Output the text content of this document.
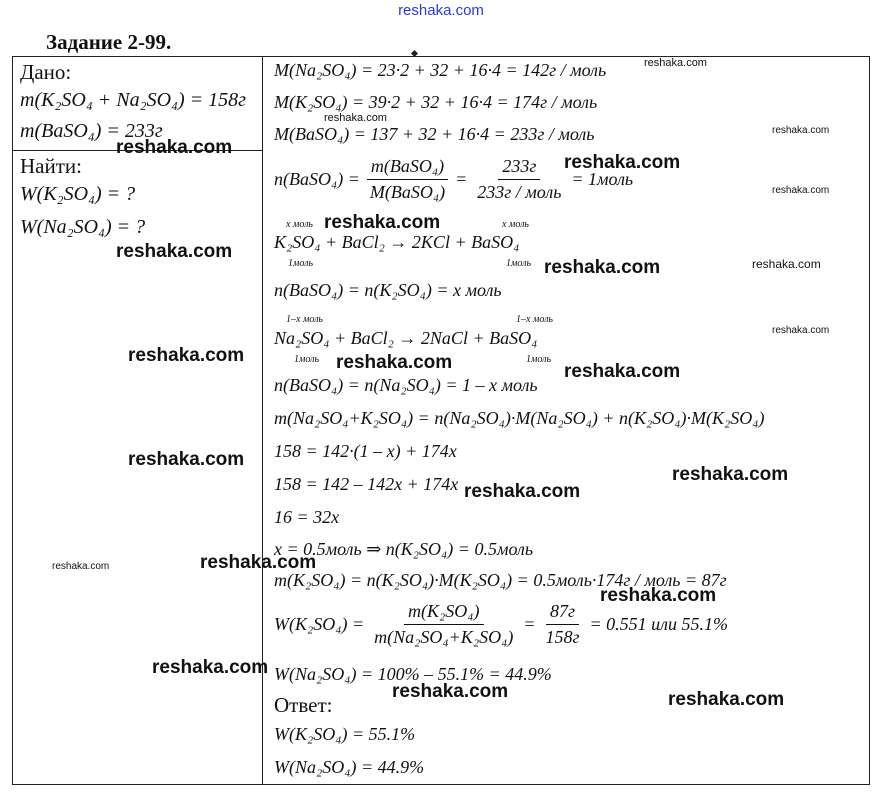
reshaka.com
Задание 2-99.
Дано:
m(K₂SO₄ + Na₂SO₄) = 158г
m(BaSO₄) = 233г
Найти:
W(K₂SO₄) = ?
W(Na₂SO₄) = ?
M(Na₂SO₄) = 23·2 + 32 + 16·4 = 142г / моль
M(K₂SO₄) = 39·2 + 32 + 16·4 = 174г / моль
M(BaSO₄) = 137 + 32 + 16·4 = 233г / моль
n(BaSO₄) = $\frac{\text{m(BaSO₄)}}{\text{M(BaSO₄)}} = \frac{233г}{\text{233г / моль}}$ = 1моль
x моль	x моль
K₂SO₄ + BaCl₂ → 2KCl + BaSO₄
1моль	1моль
n(BaSO₄) = n(K₂SO₄) = x моль
1–x моль	1–x моль
Na₂SO₄ + BaCl₂ → 2NaCl + BaSO₄
1моль	1моль
n(BaSO₄) = n(Na₂SO₄) = 1 – x моль
m(Na₂SO₄+K₂SO₄) = n(Na₂SO₄)·M(Na₂SO₄) + n(K₂SO₄)·M(K₂SO₄)
158 = 142·(1 – x) + 174x
158 = 142 – 142x + 174x
16 = 32x
x = 0.5моль ⇒ n(K₂SO₄) = 0.5моль
m(K₂SO₄) = n(K₂SO₄)·M(K₂SO₄) = 0.5моль·174г / моль = 87г
$W(K_2SO_4) = \frac{\text{m(K₂SO₄)}}{\text{m(Na₂SO₄+K₂SO₄)}} = \frac{87г}{158г} = 0.551$ или 55.1%
W(Na₂SO₄) = 100% – 55.1% = 44.9%
Ответ:
W(K₂SO₄) = 55.1%
W(Na₂SO₄) = 44.9%
reshaka.com
reshaka.com
reshaka.com
reshaka.com
reshaka.com
reshaka.com
reshaka.com
reshaka.com
reshaka.com
reshaka.com
reshaka.com
reshaka.com	reshaka.com	reshaka.com
reshaka.com
reshaka.com
reshaka.com
reshaka.com
reshaka.com
reshaka.com
reshaka.com
reshaka.com	reshaka.com
